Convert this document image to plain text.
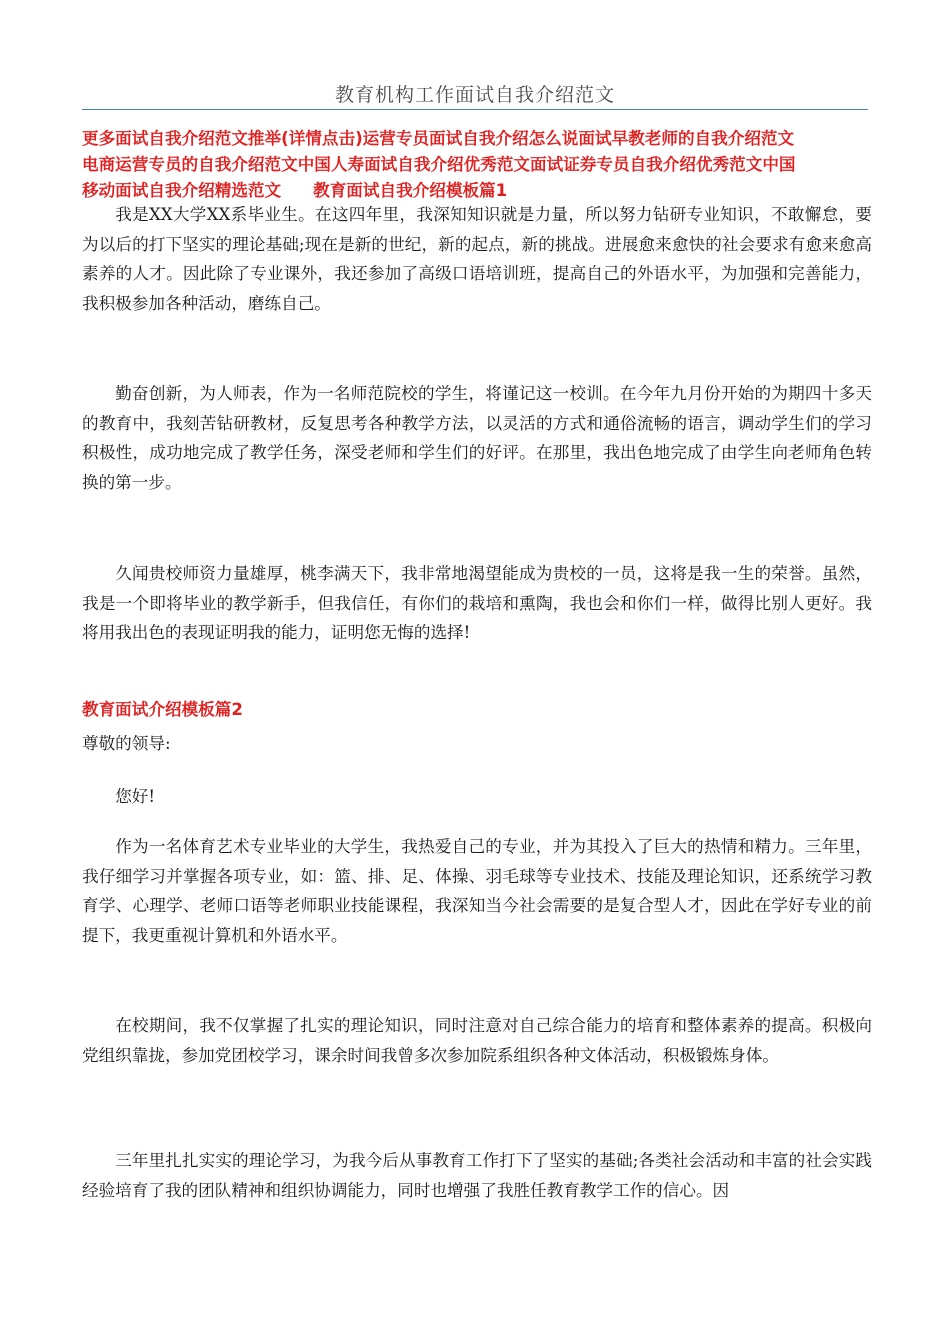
教育机构工作面试自我介绍范文
更多面试自我介绍范文推举(详情点击)运营专员面试自我介绍怎么说面试早教老师的自我介绍范文
电商运营专员的自我介绍范文中国人寿面试自我介绍优秀范文面试证券专员自我介绍优秀范文中国
移动面试自我介绍精选范文 教育面试自我介绍模板篇1

我是XX大学XX系毕业生。在这四年里，我深知知识就是力量，所以努力钻研专业知识，不敢懈怠，要为以后的打下坚实的理论基础;现在是新的世纪，新的起点，新的挑战。进展愈来愈快的社会要求有愈来愈高素养的人才。因此除了专业课外，我还参加了高级口语培训班，提高自己的外语水平，为加强和完善能力，我积极参加各种活动，磨练自己。

勤奋创新，为人师表，作为一名师范院校的学生，将谨记这一校训。在今年九月份开始的为期四十多天的教育中，我刻苦钻研教材，反复思考各种教学方法，以灵活的方式和通俗流畅的语言，调动学生们的学习积极性，成功地完成了教学任务，深受老师和学生们的好评。在那里，我出色地完成了由学生向老师角色转换的第一步。

久闻贵校师资力量雄厚，桃李满天下，我非常地渴望能成为贵校的一员，这将是我一生的荣誉。虽然，我是一个即将毕业的教学新手，但我信任，有你们的栽培和熏陶，我也会和你们一样，做得比别人更好。我将用我出色的表现证明我的能力，证明您无悔的选择!

教育面试介绍模板篇2
尊敬的领导:

您好!

作为一名体育艺术专业毕业的大学生，我热爱自己的专业，并为其投入了巨大的热情和精力。三年里，我仔细学习并掌握各项专业，如：篮、排、足、体操、羽毛球等专业技术、技能及理论知识，还系统学习教育学、心理学、老师口语等老师职业技能课程，我深知当今社会需要的是复合型人才，因此在学好专业的前提下，我更重视计算机和外语水平。

在校期间，我不仅掌握了扎实的理论知识，同时注意对自己综合能力的培育和整体素养的提高。积极向党组织靠拢，参加党团校学习，课余时间我曾多次参加院系组织各种文体活动，积极锻炼身体。

三年里扎扎实实的理论学习，为我今后从事教育工作打下了坚实的基础;各类社会活动和丰富的社会实践经验培育了我的团队精神和组织协调能力，同时也增强了我胜任教育教学工作的信心。因
